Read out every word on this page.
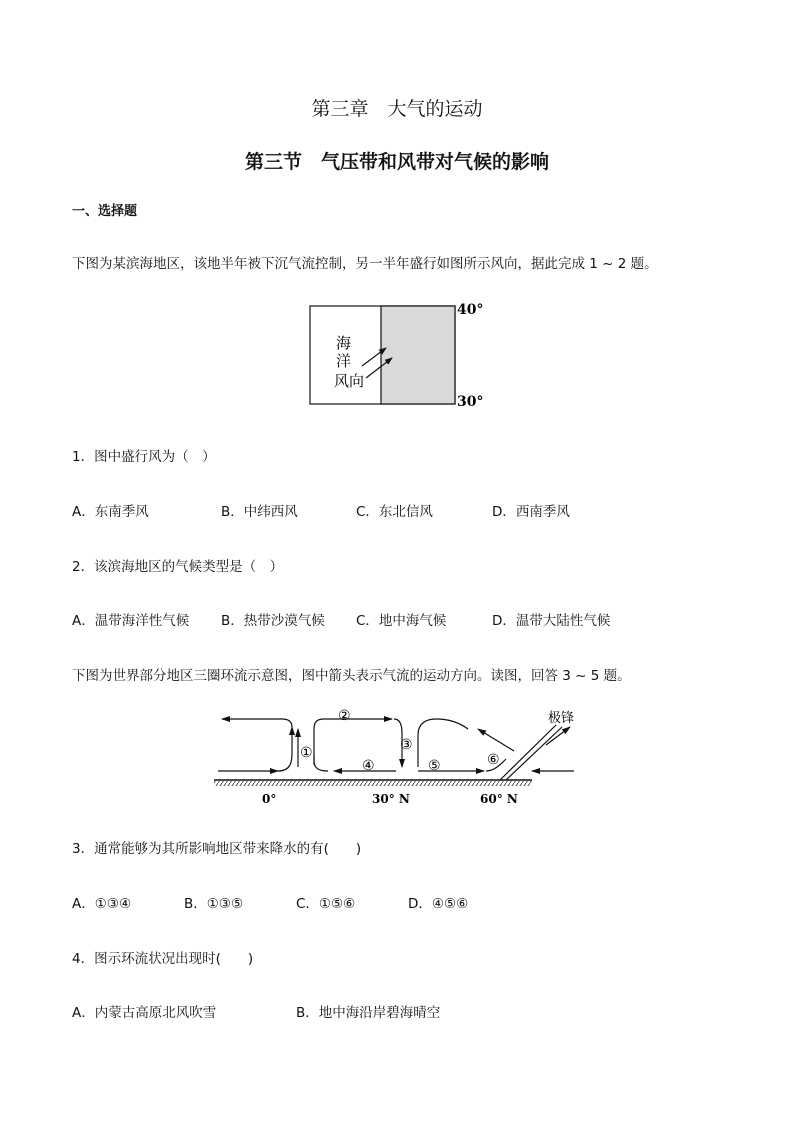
第三章　大气的运动
第三节　气压带和风带对气候的影响
一、选择题
下图为某滨海地区，该地半年被下沉气流控制，另一半年盛行如图所示风向，据此完成 1 ~ 2 题。
海
洋
风向
40°
30°
1．图中盛行风为（　）
A．东南季风	B．中纬西风	C．东北信风	D．西南季风
2．该滨海地区的气候类型是（　）
A．温带海洋性气候 B．热带沙漠气候 C．地中海气候	D．温带大陆性气候
下图为世界部分地区三圈环流示意图，图中箭头表示气流的运动方向。读图，回答 3 ~ 5 题。
①
②
③
④	⑤	⑥
极锋
0°	30° N	60° N
3．通常能够为其所影响地区带来降水的有(　　)
A．①③④	B．①③⑤	C．①⑤⑥	D．④⑤⑥
4．图示环流状况出现时(　　)
A．内蒙古高原北风吹雪	B．地中海沿岸碧海晴空
